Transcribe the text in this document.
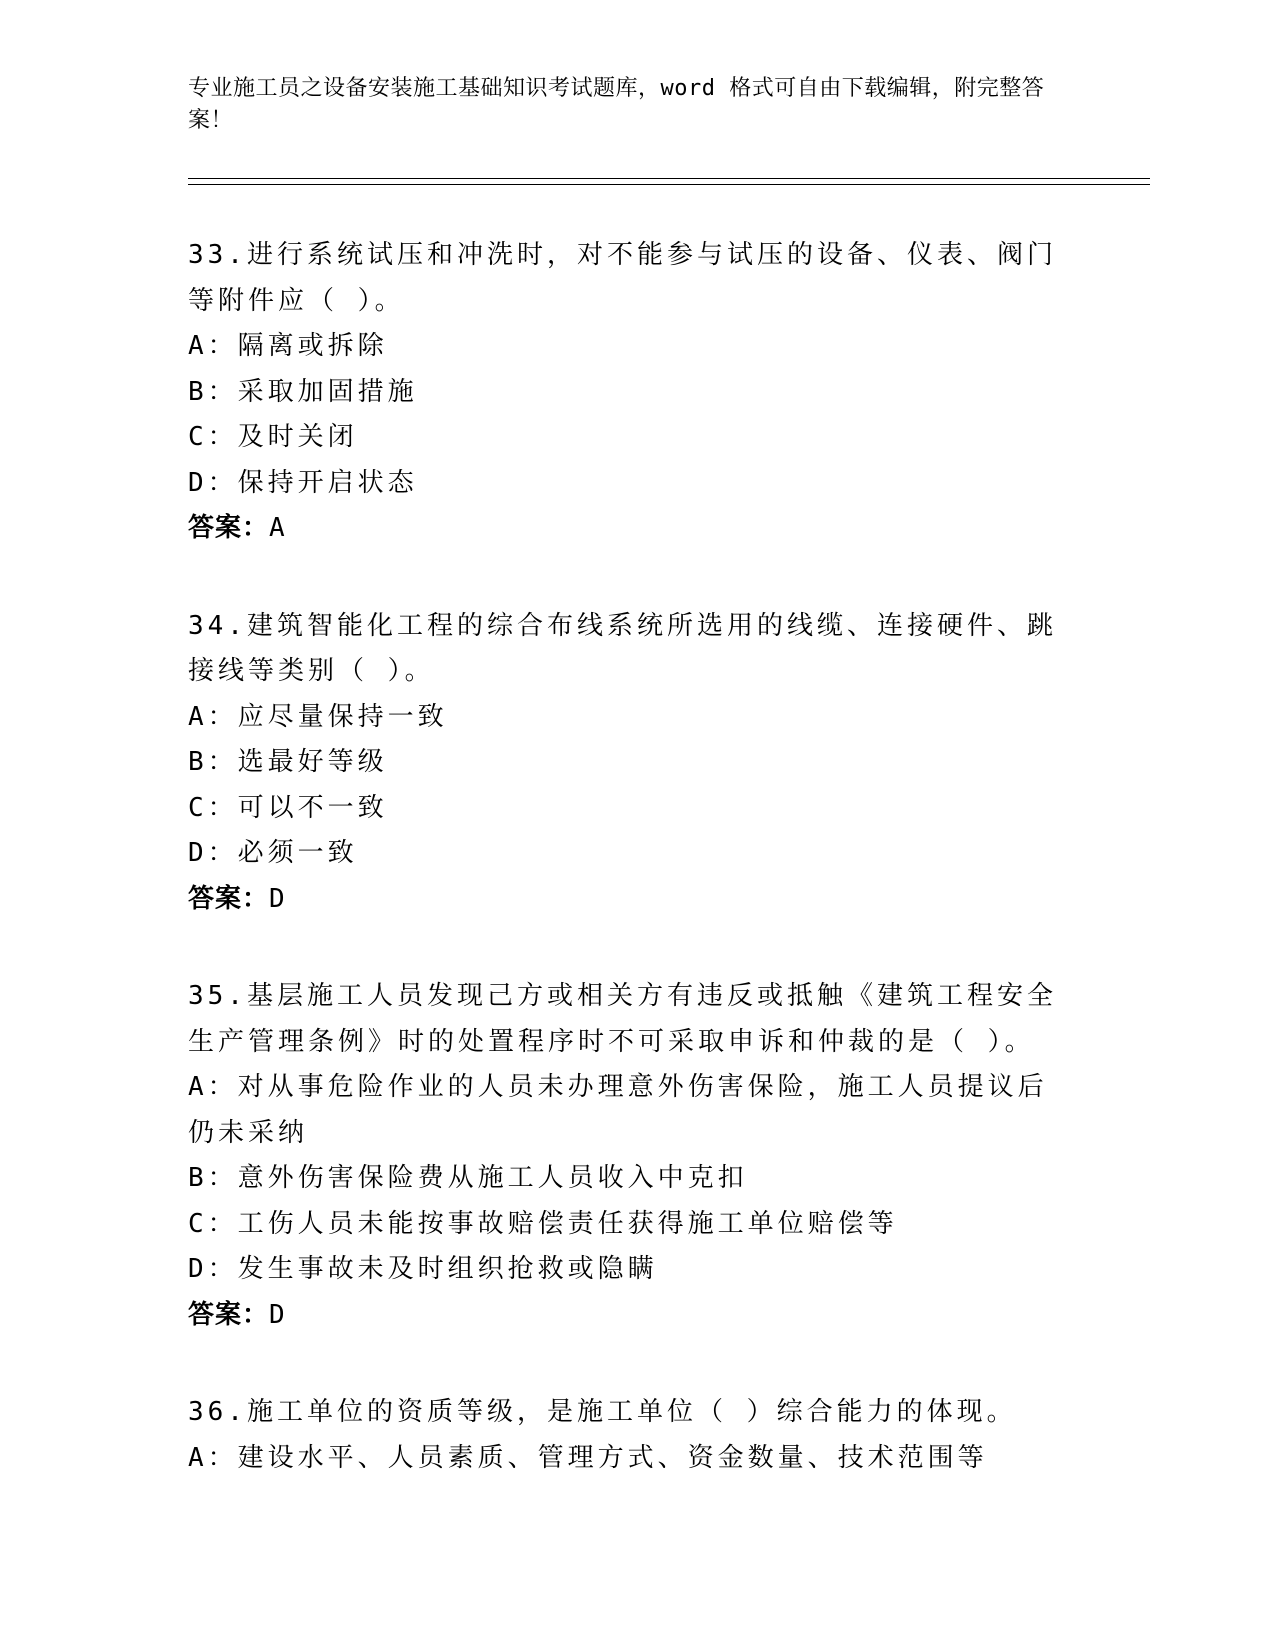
专业施工员之设备安装施工基础知识考试题库，word 格式可自由下载编辑，附完整答案！

33.进行系统试压和冲洗时，对不能参与试压的设备、仪表、阀门等附件应（ ）。

A：隔离或拆除

B：采取加固措施

C：及时关闭

D：保持开启状态

答案：A

34.建筑智能化工程的综合布线系统所选用的线缆、连接硬件、跳接线等类别（ ）。

A：应尽量保持一致

B：选最好等级

C：可以不一致

D：必须一致

答案：D

35.基层施工人员发现己方或相关方有违反或抵触《建筑工程安全生产管理条例》时的处置程序时不可采取申诉和仲裁的是（ ）。

A：对从事危险作业的人员未办理意外伤害保险，施工人员提议后仍未采纳

B：意外伤害保险费从施工人员收入中克扣

C：工伤人员未能按事故赔偿责任获得施工单位赔偿等

D：发生事故未及时组织抢救或隐瞒

答案：D

36.施工单位的资质等级，是施工单位（ ）综合能力的体现。

A：建设水平、人员素质、管理方式、资金数量、技术范围等
